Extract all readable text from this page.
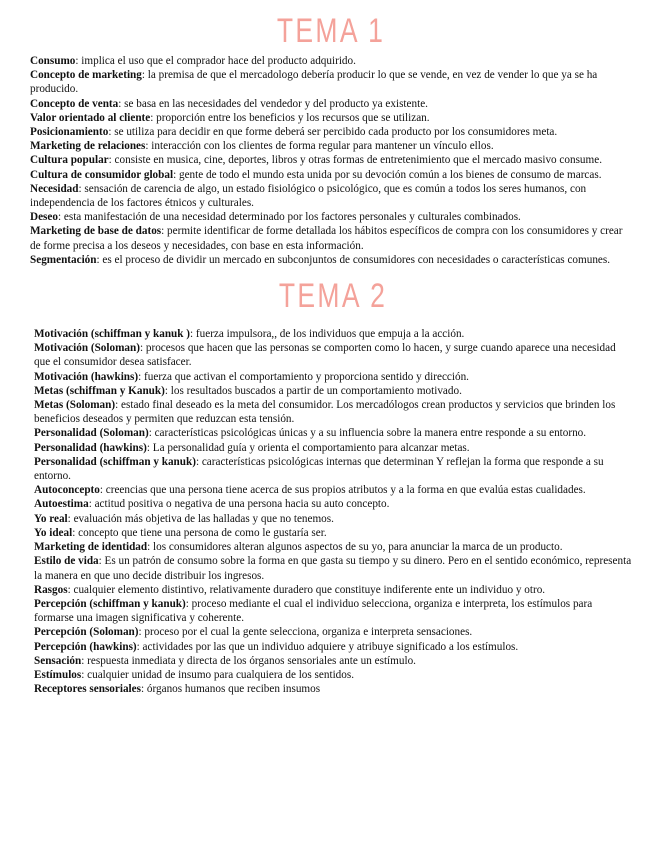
TEMA 1

Consumo: implica el uso que el comprador hace del producto adquirido.

Concepto de marketing: la premisa de que el mercadologo debería producir lo que se vende, en vez de vender lo que ya se ha producido.

Concepto de venta: se basa en las necesidades del vendedor y del producto ya existente.

Valor orientado al cliente: proporción entre los beneficios y los recursos que se utilizan.

Posicionamiento: se utiliza para decidir en que forme deberá ser percibido cada producto por los consumidores meta.

Marketing de relaciones: interacción con los clientes de forma regular para mantener un vínculo ellos.

Cultura popular: consiste en musica, cine, deportes, libros y otras formas de entretenimiento que el mercado masivo consume.

Cultura de consumidor global: gente de todo el mundo esta unida por su devoción común a los bienes de consumo de marcas.

Necesidad: sensación de carencia de algo, un estado fisiológico o psicológico, que es común a todos los seres humanos, con independencia de los factores étnicos y culturales.

Deseo: esta manifestación de una necesidad determinado por los factores personales y culturales combinados.

Marketing de base de datos: permite identificar de forme detallada los hábitos específicos de compra con los consumidores y crear de forme precisa a los deseos y necesidades, con base en esta información.

Segmentación: es el proceso de dividir un mercado en subconjuntos de consumidores con necesidades o características comunes.

TEMA 2

Motivación (schiffman y kanuk ): fuerza impulsora,, de los individuos que empuja a la acción.

Motivación (Soloman): procesos que hacen que las personas se comporten como lo hacen, y surge cuando aparece una necesidad que el consumidor desea satisfacer.

Motivación (hawkins): fuerza que activan el comportamiento y proporciona sentido y dirección.

Metas (schiffman y Kanuk): los resultados buscados a partir de un comportamiento motivado.

Metas (Soloman): estado final deseado es la meta del consumidor. Los mercadólogos crean productos y servicios que brinden los beneficios deseados y permiten que reduzcan esta tensión.

Personalidad (Soloman): características psicológicas únicas y a su influencia sobre la manera entre responde a su entorno.

Personalidad (hawkins): La personalidad guía y orienta el comportamiento para alcanzar metas.

Personalidad (schiffman y kanuk): características psicológicas internas que determinan Y reflejan la forma que responde a su entorno.

Autoconcepto: creencias que una persona tiene acerca de sus propios atributos y a la forma en que evalúa estas cualidades.

Autoestima: actitud positiva o negativa de una persona hacia su auto concepto.

Yo real: evaluación más objetiva de las halladas y que no tenemos.

Yo ideal: concepto que tiene una persona de como le gustaría ser.

Marketing de identidad: los consumidores alteran algunos aspectos de su yo, para anunciar la marca de un producto.

Estilo de vida: Es un patrón de consumo sobre la forma en que gasta su tiempo y su dinero. Pero en el sentido económico, representa la manera en que uno decide distribuir los ingresos.

Rasgos: cualquier elemento distintivo, relativamente duradero que constituye indiferente ente un individuo y otro.

Percepción (schiffman y kanuk): proceso mediante el cual el individuo selecciona, organiza e interpreta, los estímulos para formarse una imagen significativa y coherente.

Percepción (Soloman): proceso por el cual la gente selecciona, organiza e interpreta sensaciones.

Percepción (hawkins): actividades por las que un individuo adquiere y atribuye significado a los estímulos.

Sensación: respuesta inmediata y directa de los órganos sensoriales ante un estímulo.

Estímulos: cualquier unidad de insumo para cualquiera de los sentidos.

Receptores sensoriales: órganos humanos que reciben insumos
